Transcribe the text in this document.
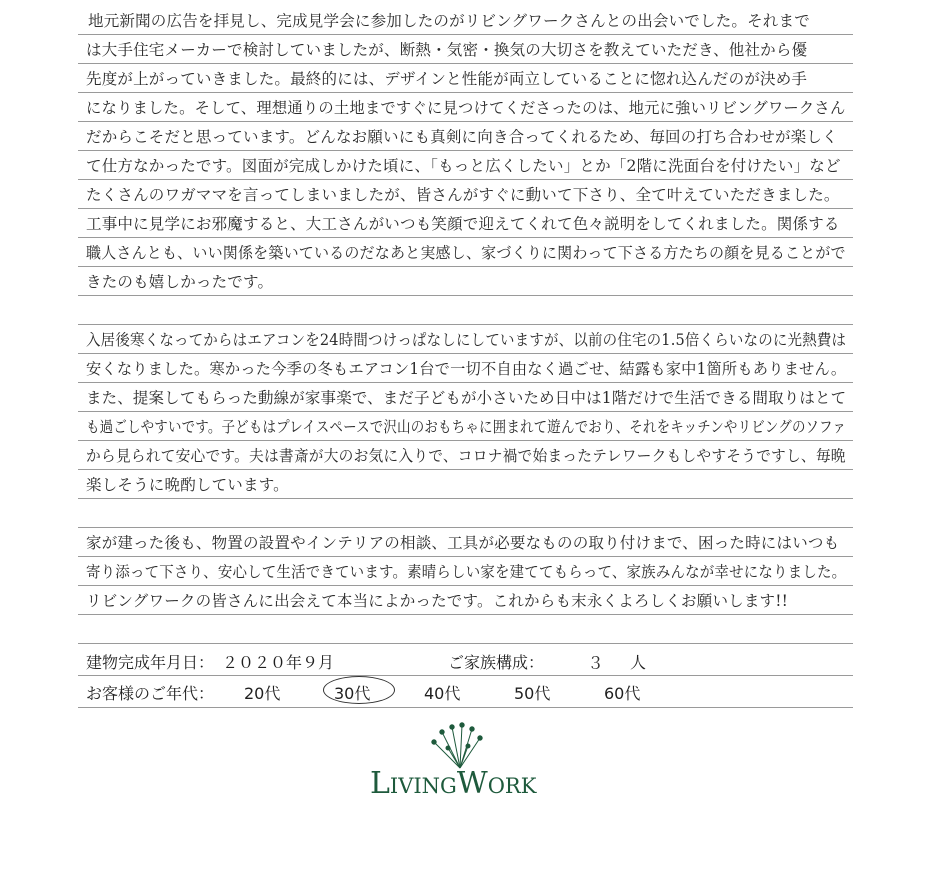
地元新聞の広告を拝見し、完成見学会に参加したのがリビングワークさんとの出会いでした。それまで
は大手住宅メーカーで検討していましたが、断熱・気密・換気の大切さを教えていただき、他社から優
先度が上がっていきました。最終的には、デザインと性能が両立していることに惚れ込んだのが決め手
になりました。そして、理想通りの土地まですぐに見つけてくださったのは、地元に強いリビングワークさん
だからこそだと思っています。どんなお願いにも真剣に向き合ってくれるため、毎回の打ち合わせが楽しく
て仕方なかったです。図面が完成しかけた頃に、「もっと広くしたい」とか「2階に洗面台を付けたい」など
たくさんのワガママを言ってしまいましたが、皆さんがすぐに動いて下さり、全て叶えていただきました。
工事中に見学にお邪魔すると、大工さんがいつも笑顔で迎えてくれて色々説明をしてくれました。関係する
職人さんとも、いい関係を築いているのだなあと実感し、家づくりに関わって下さる方たちの顔を見ることがで
きたのも嬉しかったです。
入居後寒くなってからはエアコンを24時間つけっぱなしにしていますが、以前の住宅の1.5倍くらいなのに光熱費は
安くなりました。寒かった今季の冬もエアコン1台で一切不自由なく過ごせ、結露も家中1箇所もありません。
また、提案してもらった動線が家事楽で、まだ子どもが小さいため日中は1階だけで生活できる間取りはとて
も過ごしやすいです。子どもはプレイスペースで沢山のおもちゃに囲まれて遊んでおり、それをキッチンやリビングのソファ
から見られて安心です。夫は書斎が大のお気に入りで、コロナ禍で始まったテレワークもしやすそうですし、毎晩
楽しそうに晩酌しています。
家が建った後も、物置の設置やインテリアの相談、工具が必要なものの取り付けまで、困った時にはいつも
寄り添って下さり、安心して生活できています。素晴らしい家を建ててもらって、家族みんなが幸せになりました。
リビングワークの皆さんに出会えて本当によかったです。これからも末永くよろしくお願いします!!
建物完成年月日： ２０２０年９月	ご家族構成：	３ 人
お客様のご年代： 20代	30代	40代	50代	60代
LIVINGWORK
